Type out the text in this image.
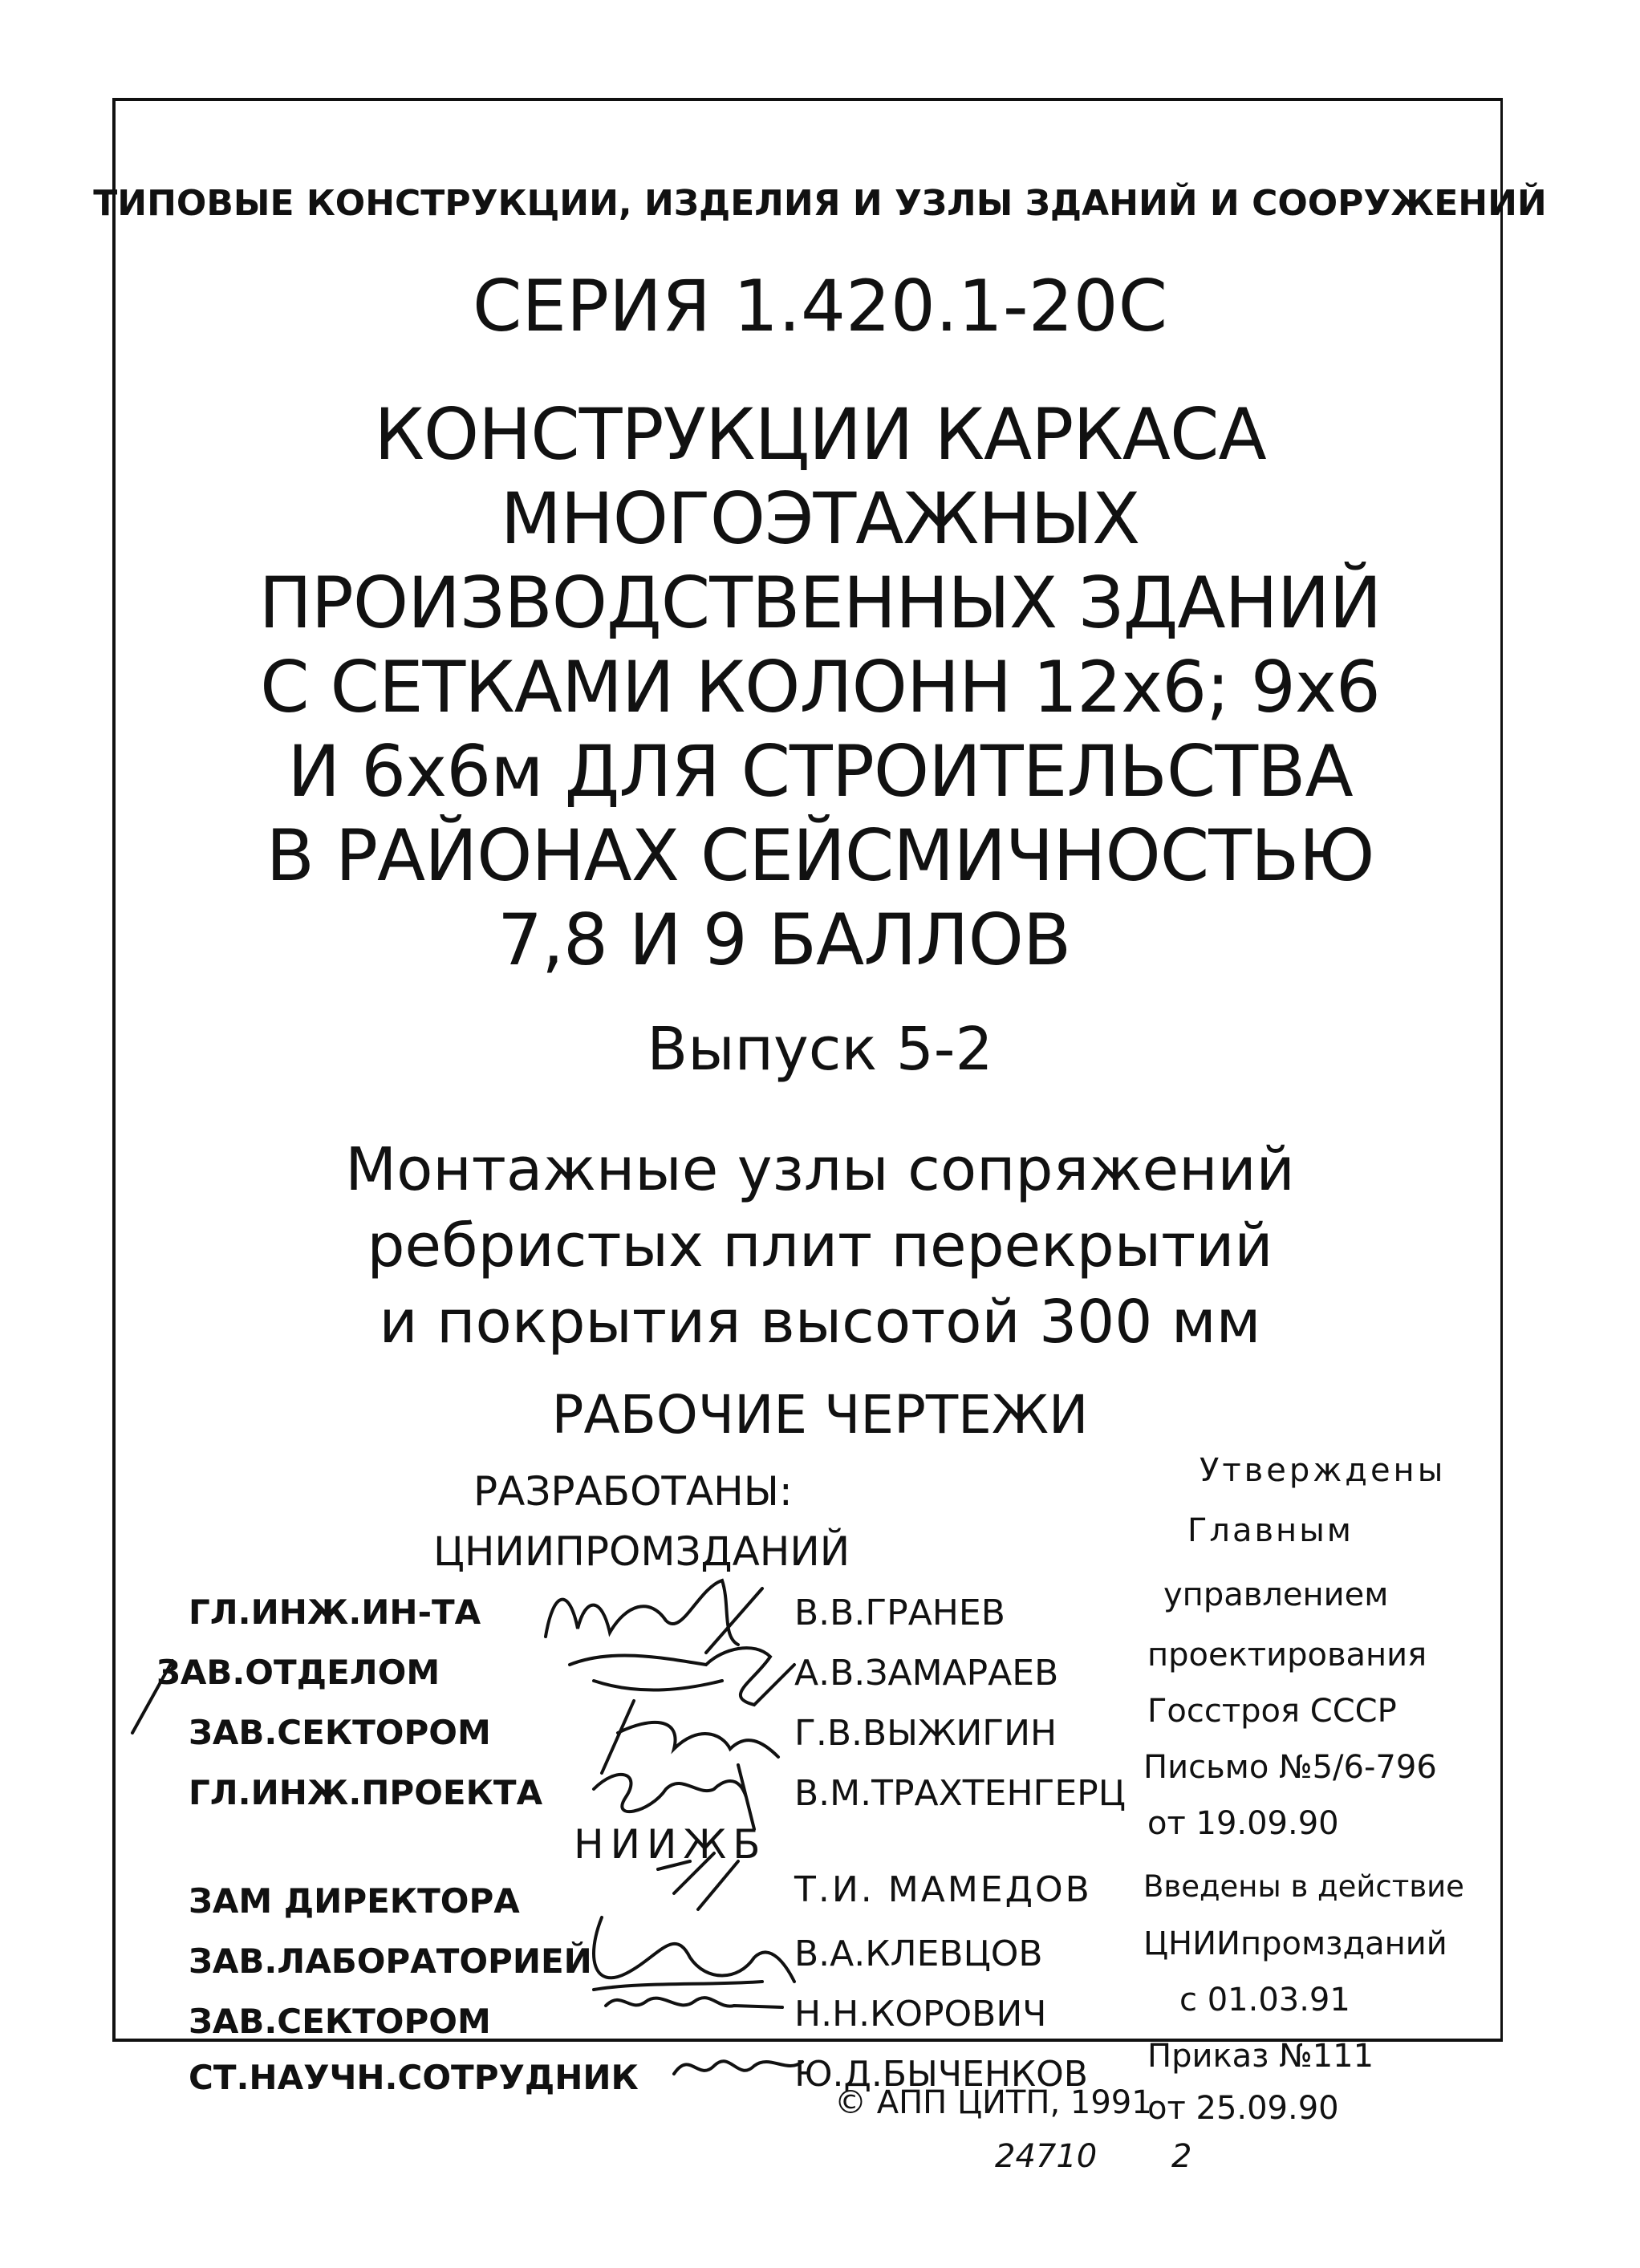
ТИПОВЫЕ КОНСТРУКЦИИ, ИЗДЕЛИЯ И УЗЛЫ ЗДАНИЙ И СООРУЖЕНИЙ
СЕРИЯ 1.420.1-20С
КОНСТРУКЦИИ КАРКАСА
МНОГОЭТАЖНЫХ
ПРОИЗВОДСТВЕННЫХ ЗДАНИЙ
С СЕТКАМИ КОЛОНН 12х6; 9х6
И 6х6м ДЛЯ СТРОИТЕЛЬСТВА
В РАЙОНАХ СЕЙСМИЧНОСТЬЮ
7,8 И 9 БАЛЛОВ
Выпуск 5-2
Монтажные узлы сопряжений
ребристых плит перекрытий
и покрытия высотой 300 мм
РАБОЧИЕ ЧЕРТЕЖИ
РАЗРАБОТАНЫ:
ЦНИИПРОМЗДАНИЙ
ГЛ.ИНЖ.ИН-ТА	В.В.ГРАНЕВ
ЗАВ.ОТДЕЛОМ	А.В.ЗАМАРАЕВ
ЗАВ.СЕКТОРОМ	Г.В.ВЫЖИГИН
ГЛ.ИНЖ.ПРОЕКТА	В.М.ТРАХТЕНГЕРЦ
НИИЖБ
ЗАМ ДИРЕКТОРА	Т.И. МАМЕДОВ
ЗАВ.ЛАБОРАТОРИЕЙ	В.А.КЛЕВЦОВ
ЗАВ.СЕКТОРОМ	Н.Н.КОРОВИЧ
СТ.НАУЧН.СОТРУДНИК	Ю.Д.БЫЧЕНКОВ
Утверждены
Главным
управлением
проектирования
Госстроя СССР
Письмо №5/6-796
от 19.09.90
Введены в действие
ЦНИИпромзданий
с 01.03.91
Приказ №111
от 25.09.90
© АПП ЦИТП, 1991
24710 2
